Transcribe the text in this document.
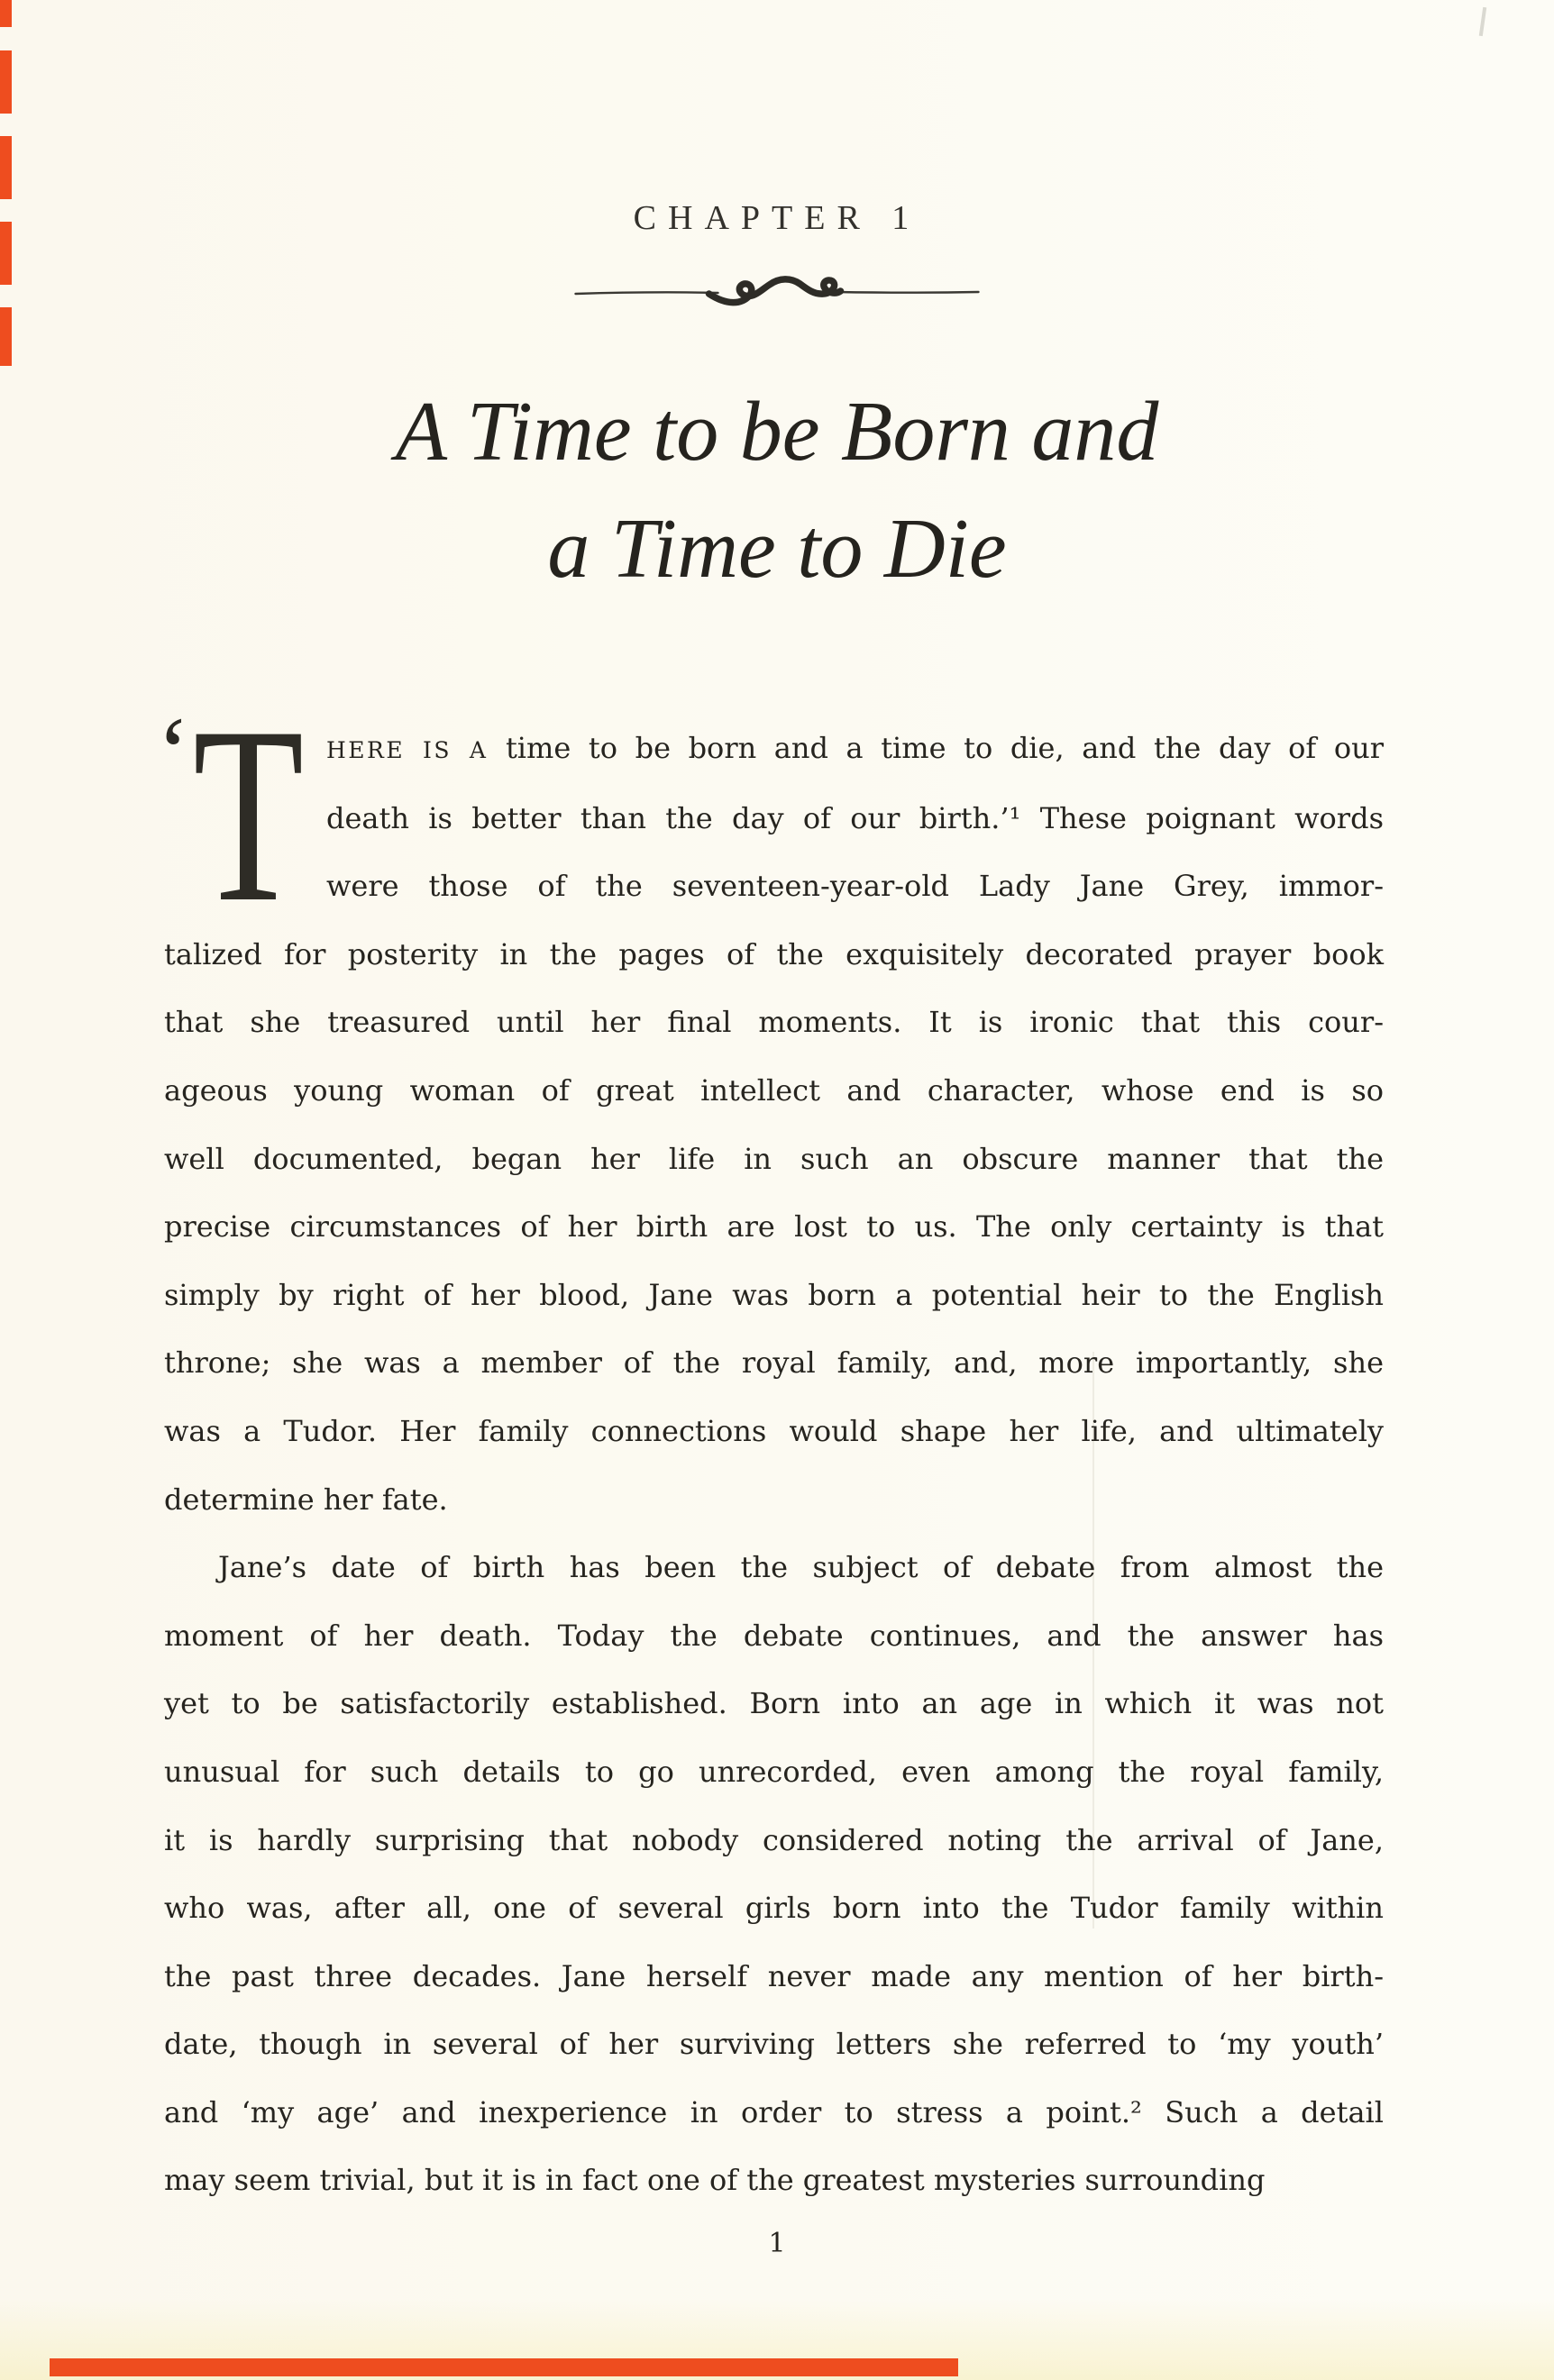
CHAPTER 1
A Time to be Born and
a Time to Die
‘ T HERE IS A time to be born and a time to die, and the day of our
death is better than the day of our birth.’¹ These poignant words
were those of the seventeen-year-old Lady Jane Grey, immor-
talized for posterity in the pages of the exquisitely decorated prayer book
that she treasured until her final moments. It is ironic that this cour-
ageous young woman of great intellect and character, whose end is so
well documented, began her life in such an obscure manner that the
precise circumstances of her birth are lost to us. The only certainty is that
simply by right of her blood, Jane was born a potential heir to the English
throne; she was a member of the royal family, and, more importantly, she
was a Tudor. Her family connections would shape her life, and ultimately
determine her fate.
Jane’s date of birth has been the subject of debate from almost the
moment of her death. Today the debate continues, and the answer has
yet to be satisfactorily established. Born into an age in which it was not
unusual for such details to go unrecorded, even among the royal family,
it is hardly surprising that nobody considered noting the arrival of Jane,
who was, after all, one of several girls born into the Tudor family within
the past three decades. Jane herself never made any mention of her birth-
date, though in several of her surviving letters she referred to ‘my youth’
and ‘my age’ and inexperience in order to stress a point.² Such a detail
may seem trivial, but it is in fact one of the greatest mysteries surrounding
1
